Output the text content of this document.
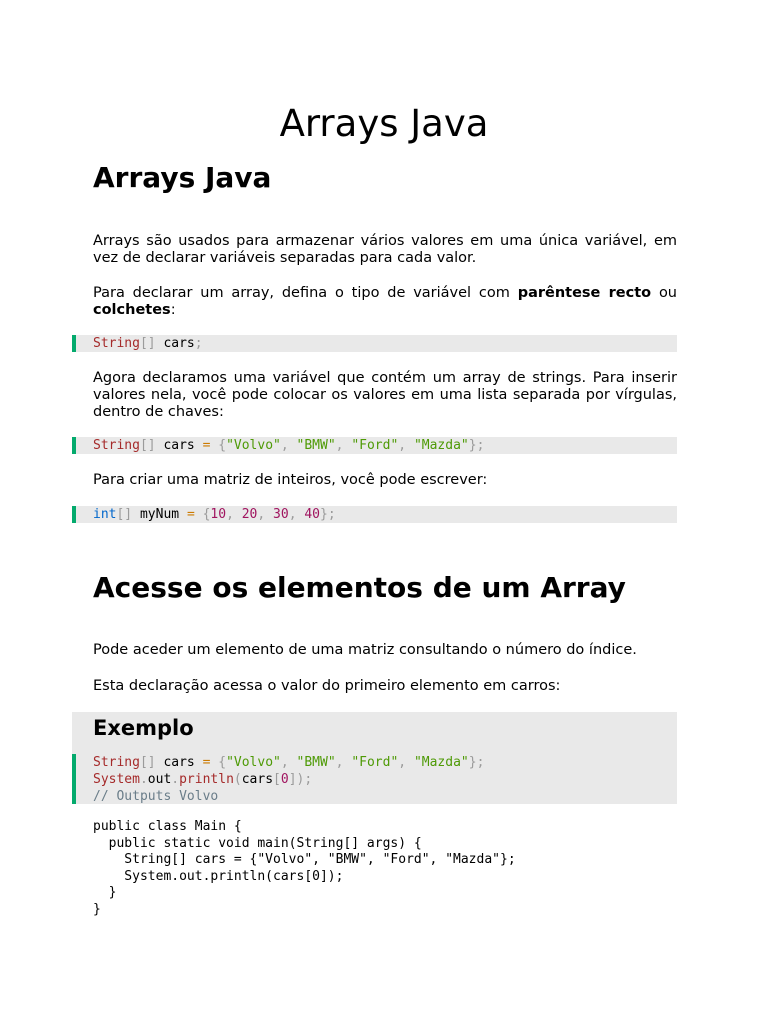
Arrays Java
Arrays Java

Arrays são usados para armazenar vários valores em uma única variável, em vez de declarar variáveis separadas para cada valor.

Para declarar um array, defina o tipo de variável com parêntese recto ou colchetes:

String[] cars;

Agora declaramos uma variável que contém um array de strings. Para inserir valores nela, você pode colocar os valores em uma lista separada por vírgulas, dentro de chaves:

String[] cars = {"Volvo", "BMW", "Ford", "Mazda"};

Para criar uma matriz de inteiros, você pode escrever:

int[] myNum = {10, 20, 30, 40};
Acesse os elementos de um Array

Pode aceder um elemento de uma matriz consultando o número do índice.

Esta declaração acessa o valor do primeiro elemento em carros:

Exemplo
String[] cars = {"Volvo", "BMW", "Ford", "Mazda"};
System.out.println(cars[0]);
// Outputs Volvo
public class Main {
public static void main(String[] args) {
String[] cars = {"Volvo", "BMW", "Ford", "Mazda"};
System.out.println(cars[0]);
}
}
